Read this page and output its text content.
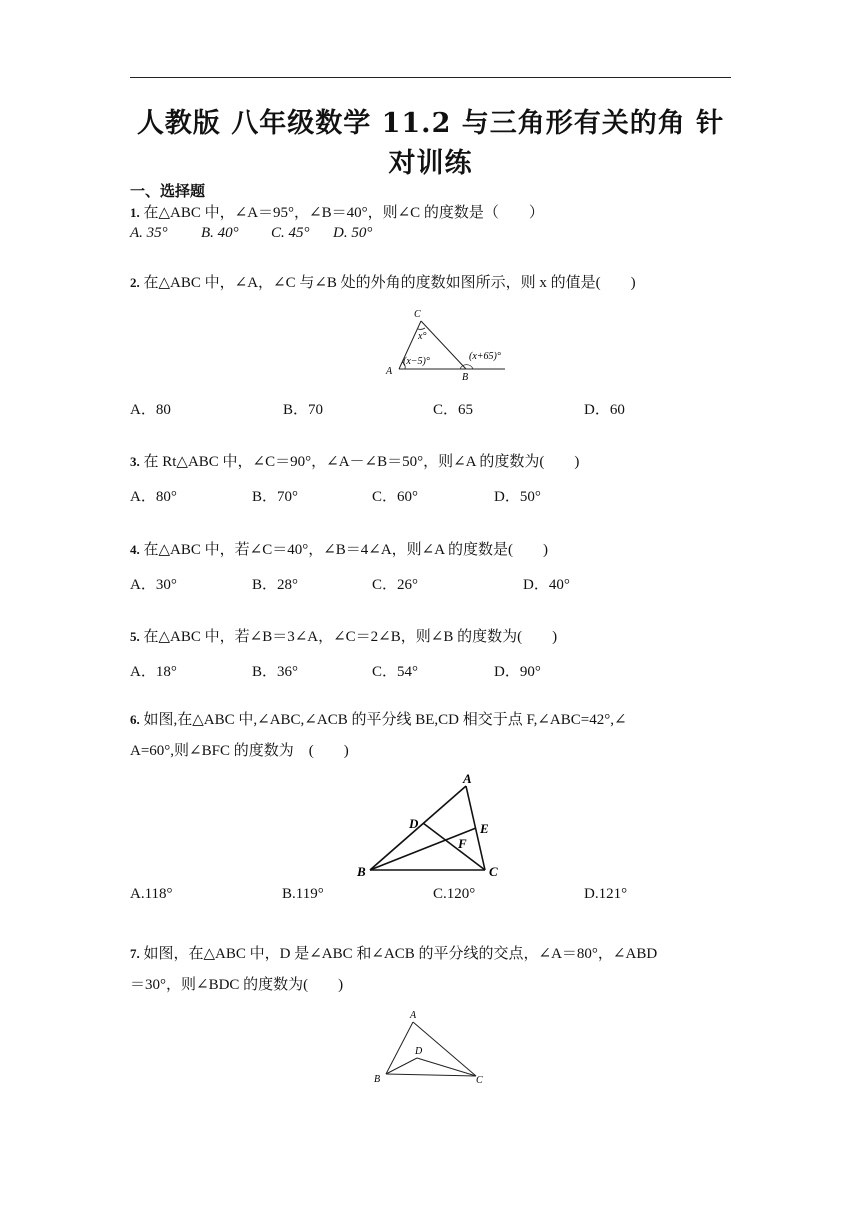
人教版 八年级数学 11.2 与三角形有关的角 针对训练
一、选择题
1. 在△ABC 中，∠A＝95°，∠B＝40°，则∠C 的度数是（　　）
A. 35° B. 40° C. 45° D. 50°
2. 在△ABC 中，∠A，∠C 与∠B 处的外角的度数如图所示，则 x 的值是(　　)
C
x°
(x−5)°	(x+65)°
A
B
A．80	B．70	C．65	D．60
3. 在 Rt△ABC 中，∠C＝90°，∠A－∠B＝50°，则∠A 的度数为(　　)
A．80°	B．70°	C．60°	D．50°
4. 在△ABC 中，若∠C＝40°，∠B＝4∠A，则∠A 的度数是(　　)
A．30°	B．28°	C．26°	D．40°
5. 在△ABC 中，若∠B＝3∠A，∠C＝2∠B，则∠B 的度数为(　　)
A．18°	B．36°	C．54°	D．90°
6. 如图,在△ABC 中,∠ABC,∠ACB 的平分线 BE,CD 相交于点 F,∠ABC=42°,∠
A=60°,则∠BFC 的度数为　(　　)
A
D	E
F
B	C
A.118°	B.119°	C.120°	D.121°
7. 如图，在△ABC 中，D 是∠ABC 和∠ACB 的平分线的交点，∠A＝80°，∠ABD
＝30°，则∠BDC 的度数为(　　)
A
D
B	C
